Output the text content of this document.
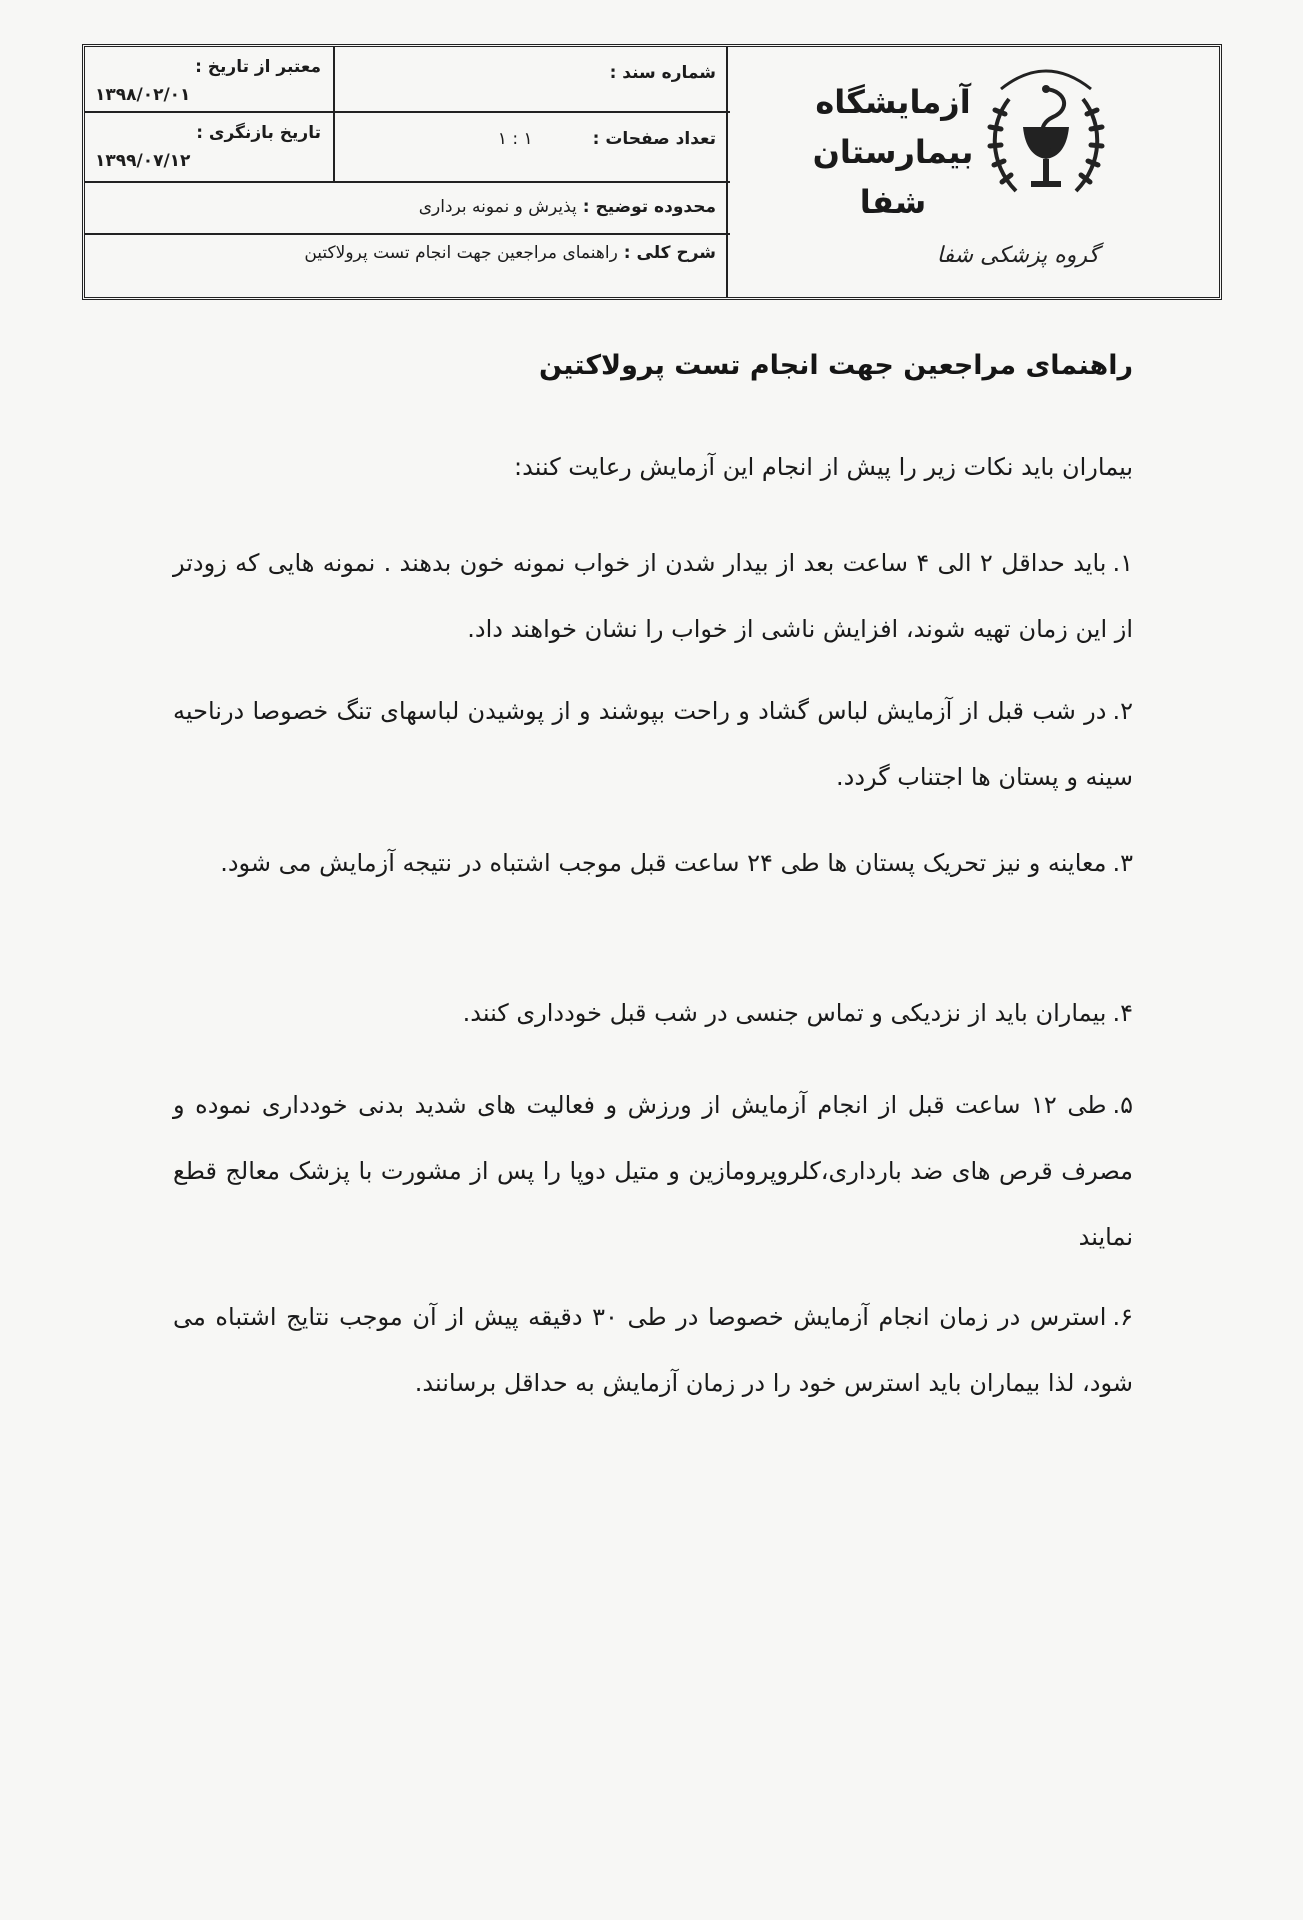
آزمایشگاه
بیمارستان
شفا
گروه پزشکی شفا
شماره سند :
معتبر از تاریخ :
۱۳۹۸/۰۲/۰۱
تعداد صفحات :۱ : ۱
تاریخ بازنگری :
۱۳۹۹/۰۷/۱۲
محدوده توضیح :پذیرش و نمونه برداری
شرح کلی :راهنمای مراجعین جهت انجام تست پرولاکتین
راهنمای مراجعین جهت انجام تست پرولاکتین
بیماران باید نکات زیر را پیش از انجام این آزمایش رعایت کنند:
۱.باید حداقل ۲ الی ۴ ساعت بعد از بیدار شدن از خواب نمونه خون بدهند . نمونه هایی که زودتر از این زمان تهیه شوند، افزایش ناشی از خواب را نشان خواهند داد.
۲.در شب قبل از آزمایش لباس گشاد و راحت بپوشند و از پوشیدن لباسهای تنگ خصوصا درناحیه سینه و پستان ها اجتناب گردد.
۳.معاینه و نیز تحریک پستان ها طی ۲۴ ساعت قبل موجب اشتباه در نتیجه آزمایش می شود.
۴.بیماران باید از نزدیکی و تماس جنسی در شب قبل خودداری کنند.
۵.طی ۱۲ ساعت قبل از انجام آزمایش از ورزش و فعالیت های شدید بدنی خودداری نموده و مصرف قرص های ضد بارداری،کلروپرومازین و متیل دوپا را پس از مشورت با پزشک معالج قطع نمایند
۶.استرس در زمان انجام آزمایش خصوصا در طی ۳۰ دقیقه پیش از آن موجب نتایج اشتباه می شود، لذا بیماران باید استرس خود را در زمان آزمایش به حداقل برسانند.
